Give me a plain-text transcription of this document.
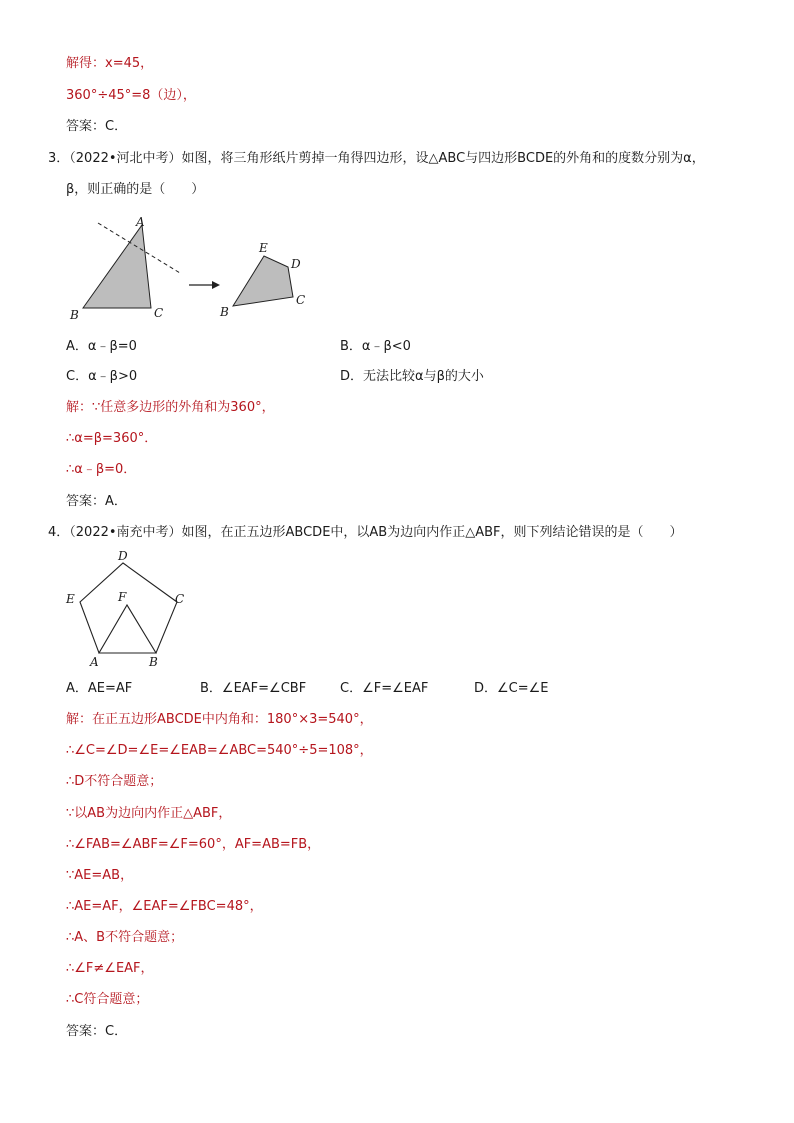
解得：x=45，
360°÷45°=8（边），
答案：C．
3．（2022•河北中考）如图，将三角形纸片剪掉一角得四边形，设△ABC与四边形BCDE的外角和的度数分别为α，
β，则正确的是（　　）
A
B	C
E
D
C
B
A．α﹣β=0	B．α﹣β<0
C．α﹣β>0	D．无法比较α与β的大小
解：∵任意多边形的外角和为360°，
∴α=β=360°．
∴α﹣β=0．
答案：A．
4．（2022•南充中考）如图，在正五边形ABCDE中，以AB为边向内作正△ABF，则下列结论错误的是（　　）
D
E	C
F
A	B
A．AE=AF	B．∠EAF=∠CBF	C．∠F=∠EAF	D．∠C=∠E
解：在正五边形ABCDE中内角和：180°×3=540°，
∴∠C=∠D=∠E=∠EAB=∠ABC=540°÷5=108°，
∴D不符合题意；
∵以AB为边向内作正△ABF，
∴∠FAB=∠ABF=∠F=60°，AF=AB=FB，
∵AE=AB，
∴AE=AF，∠EAF=∠FBC=48°，
∴A、B不符合题意；
∴∠F≠∠EAF，
∴C符合题意；
答案：C．
